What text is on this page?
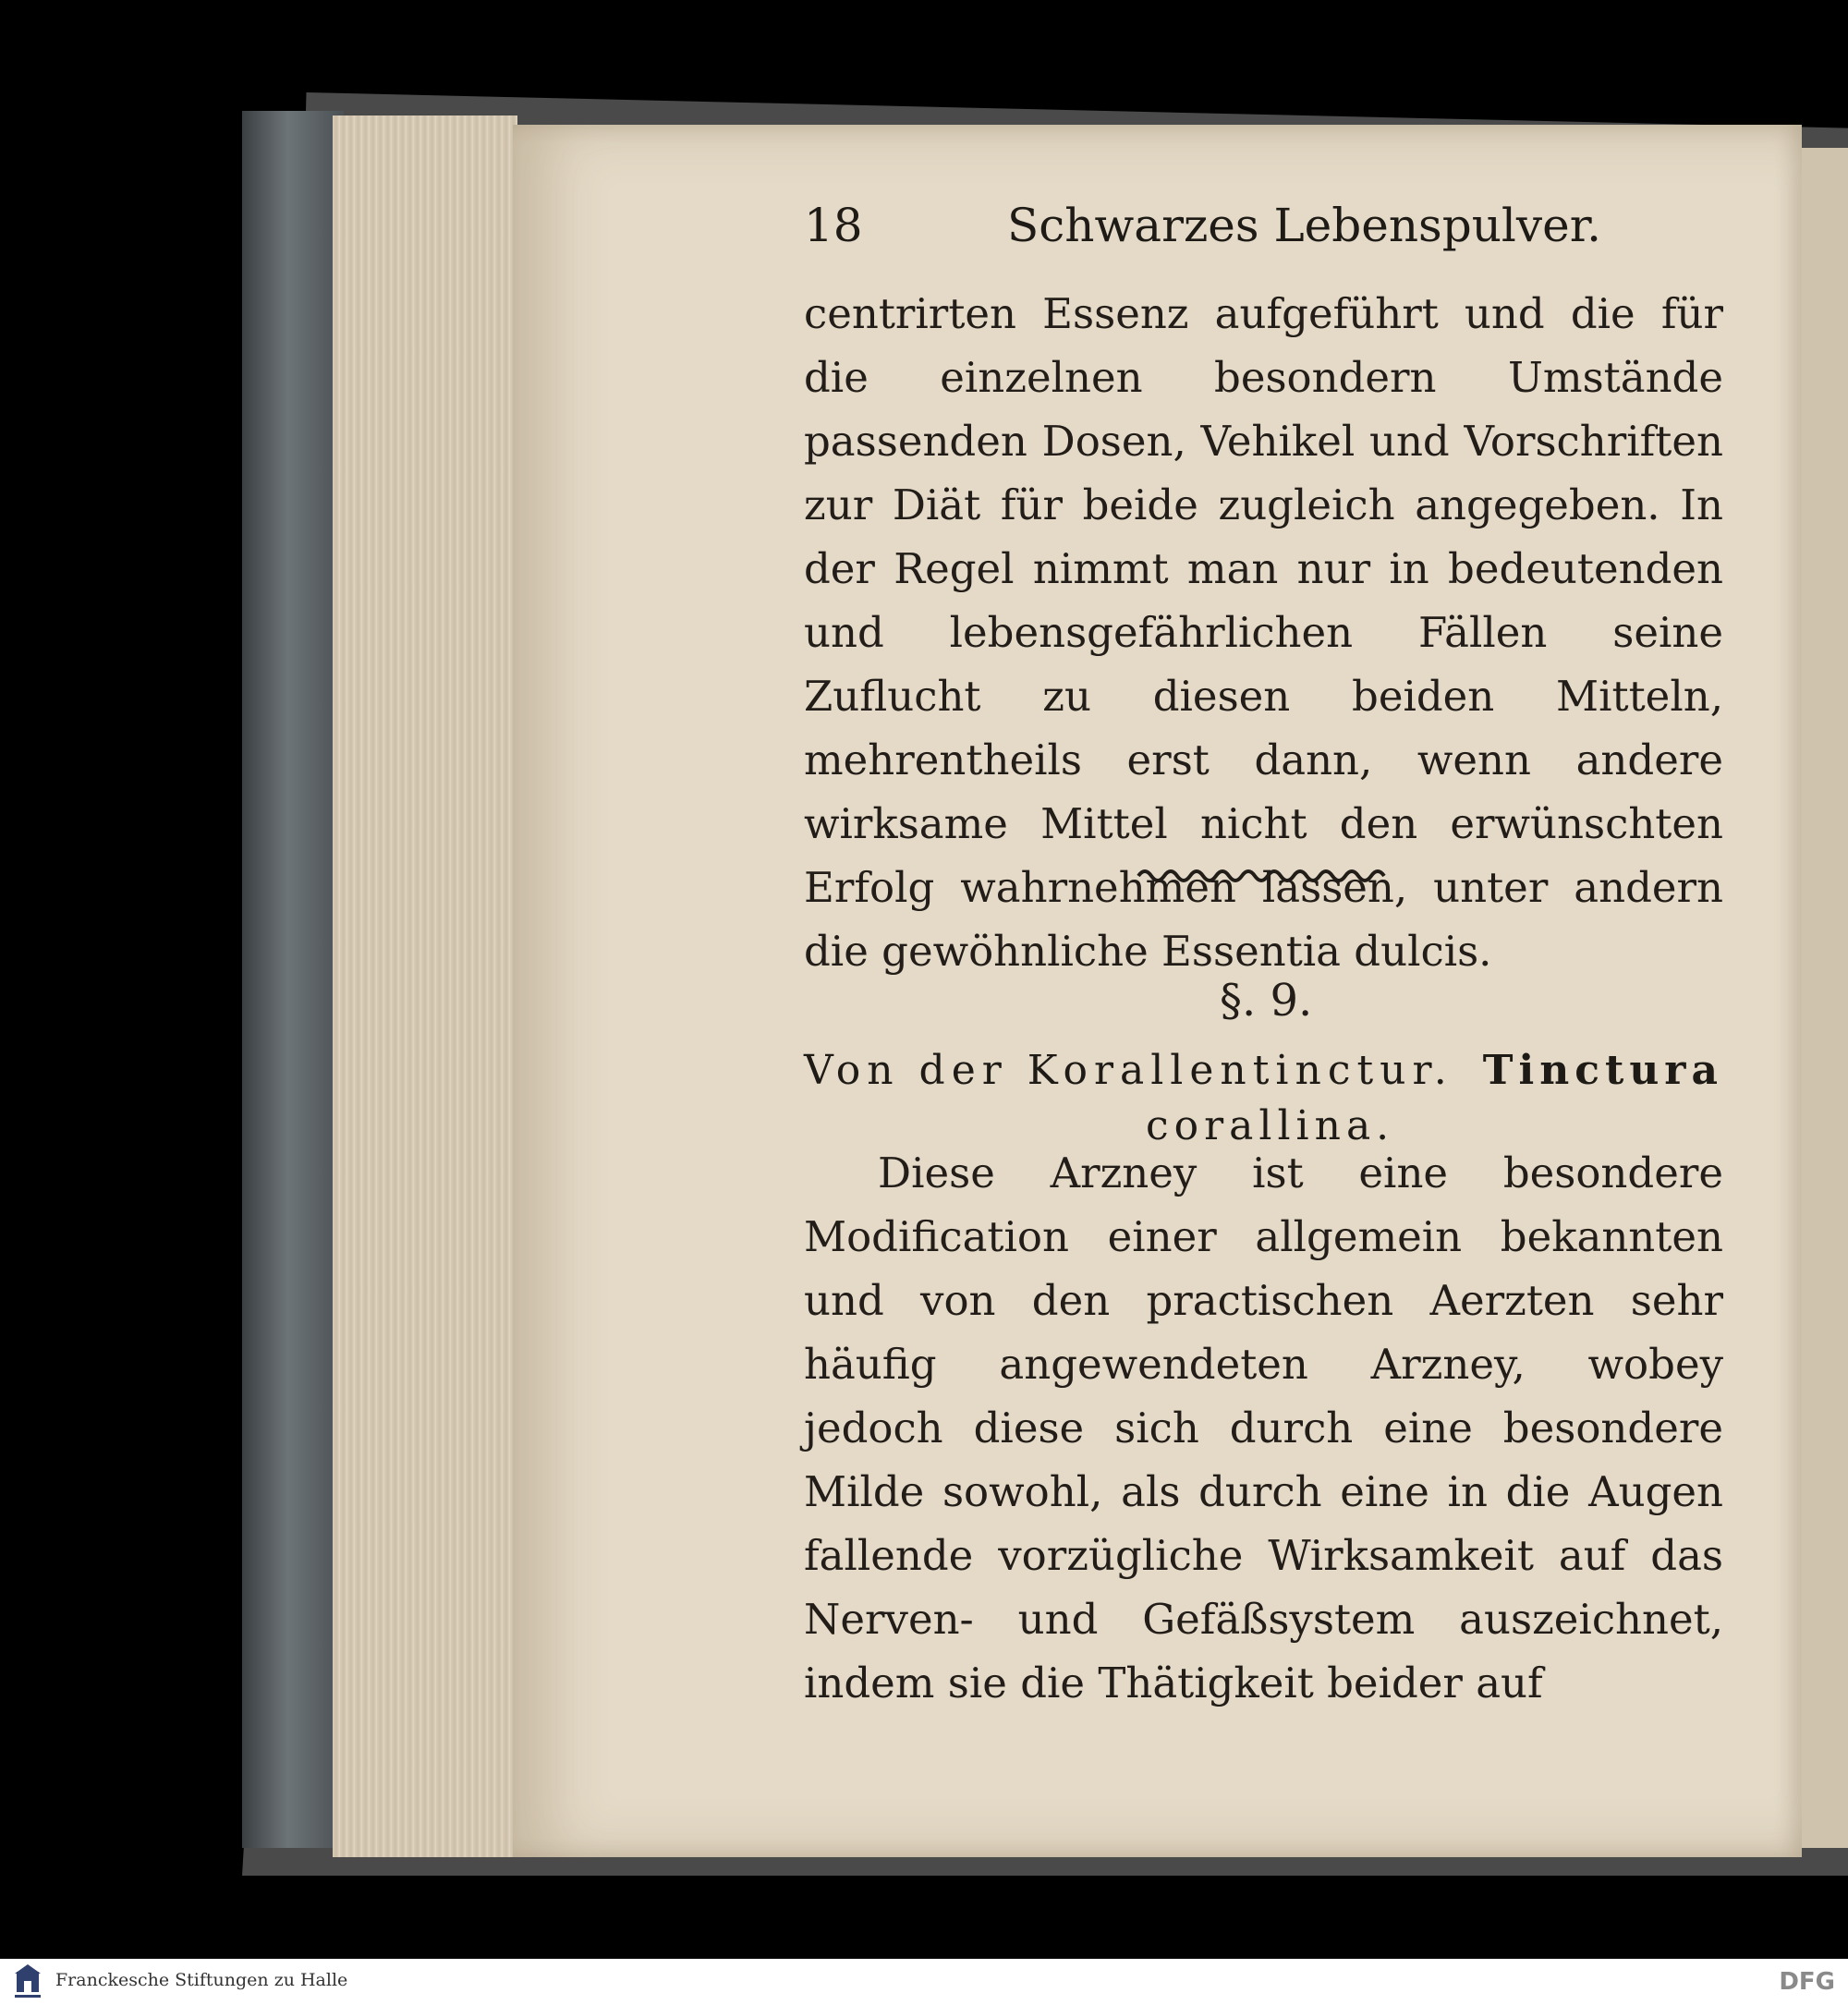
18	Schwarzes Lebenspulver.
centrirten Essenz aufgeführt und die für die einzelnen besondern Umstände passenden Dosen, Vehikel und Vorschriften zur Diät für beide zugleich angegeben. In der Regel nimmt man nur in bedeutenden und lebensgefährlichen Fällen seine Zuflucht zu diesen beiden Mitteln, mehrentheils erst dann, wenn andere wirksame Mittel nicht den erwünschten Erfolg wahrnehmen lassen, unter andern die gewöhnliche Essentia dulcis.
§. 9.
Von der Korallentinctur. Tinctura
corallina.
Diese Arzney ist eine besondere Modification einer allgemein bekannten und von den practischen Aerzten sehr häufig angewendeten Arzney, wobey jedoch diese sich durch eine besondere Milde sowohl, als durch eine in die Augen fallende vorzügliche Wirksamkeit auf das Nerven- und Gefäßsystem auszeichnet, indem sie die Thätigkeit beider auf
Franckesche Stiftungen zu Halle	DFG
